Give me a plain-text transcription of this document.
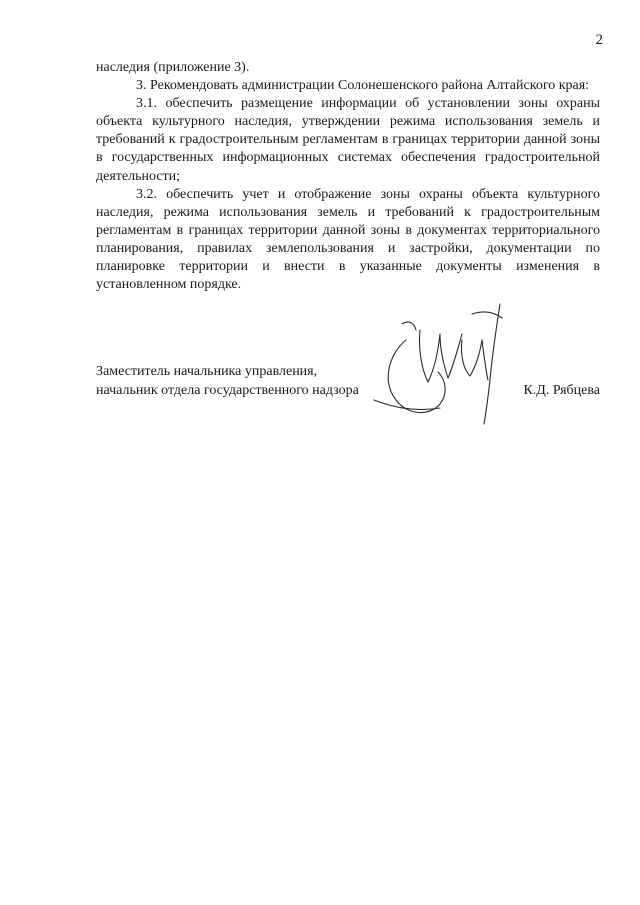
2

наследия (приложение 3).

3. Рекомендовать администрации Солонешенского района Алтайского края:

3.1. обеспечить размещение информации об установлении зоны охраны объекта культурного наследия, утверждении режима использования земель и требований к градостроительным регламентам в границах территории данной зоны в государственных информационных системах обеспечения градостроительной деятельности;

3.2. обеспечить учет и отображение зоны охраны объекта культурного наследия, режима использования земель и требований к градостроительным регламентам в границах территории данной зоны в документах территориального планирования, правилах землепользования и застройки, документации по планировке территории и внести в указанные документы изменения в установленном порядке.

Заместитель начальника управления,
начальник отдела государственного надзора	К.Д. Рябцева
